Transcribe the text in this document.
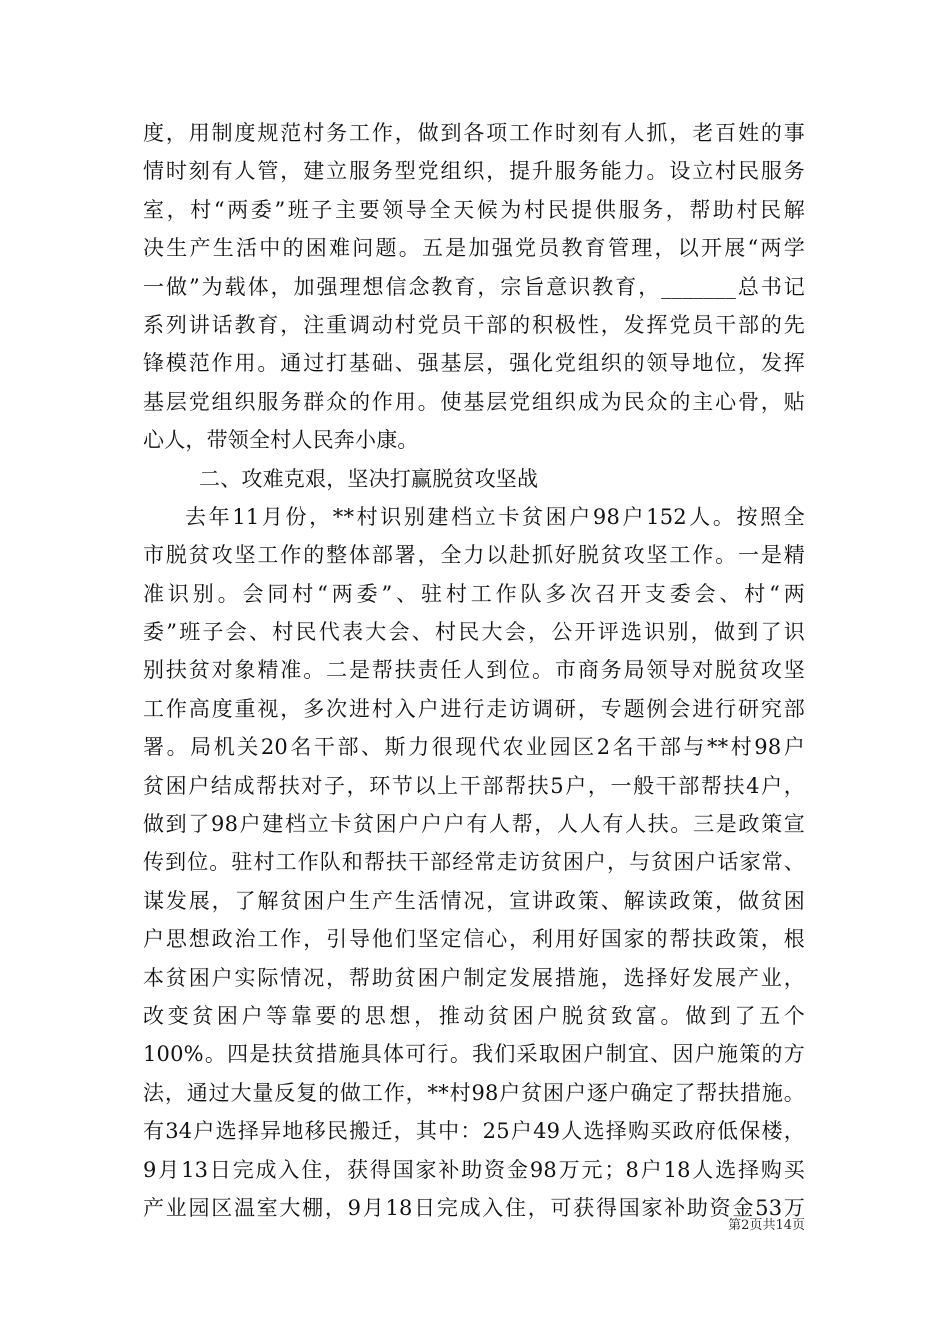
度，用制度规范村务工作，做到各项工作时刻有人抓，老百姓的事
情时刻有人管，建立服务型党组织，提升服务能力。设立村民服务
室，村“两委”班子主要领导全天候为村民提供服务，帮助村民解
决生产生活中的困难问题。五是加强党员教育管理，以开展“两学
一做”为载体，加强理想信念教育，宗旨意识教育，_______总书记
系列讲话教育，注重调动村党员干部的积极性，发挥党员干部的先
锋模范作用。通过打基础、强基层，强化党组织的领导地位，发挥
基层党组织服务群众的作用。使基层党组织成为民众的主心骨，贴
心人，带领全村人民奔小康。
二、攻难克艰，坚决打赢脱贫攻坚战
去年11月份，**村识别建档立卡贫困户98户152人。按照全
市脱贫攻坚工作的整体部署，全力以赴抓好脱贫攻坚工作。一是精
准识别。会同村“两委”、驻村工作队多次召开支委会、村“两
委”班子会、村民代表大会、村民大会，公开评选识别，做到了识
别扶贫对象精准。二是帮扶责任人到位。市商务局领导对脱贫攻坚
工作高度重视，多次进村入户进行走访调研，专题例会进行研究部
署。局机关20名干部、斯力很现代农业园区2名干部与**村98户
贫困户结成帮扶对子，环节以上干部帮扶5户，一般干部帮扶4户，
做到了98户建档立卡贫困户户户有人帮，人人有人扶。三是政策宣
传到位。驻村工作队和帮扶干部经常走访贫困户，与贫困户话家常、
谋发展，了解贫困户生产生活情况，宣讲政策、解读政策，做贫困
户思想政治工作，引导他们坚定信心，利用好国家的帮扶政策，根
本贫困户实际情况，帮助贫困户制定发展措施，选择好发展产业，
改变贫困户等靠要的思想，推动贫困户脱贫致富。做到了五个
100%。四是扶贫措施具体可行。我们采取困户制宜、因户施策的方
法，通过大量反复的做工作，**村98户贫困户逐户确定了帮扶措施。
有34户选择异地移民搬迁，其中：25户49人选择购买政府低保楼，
9月13日完成入住，获得国家补助资金98万元；8户18人选择购买
产业园区温室大棚，9月18日完成入住，可获得国家补助资金53万
第2页共14页
